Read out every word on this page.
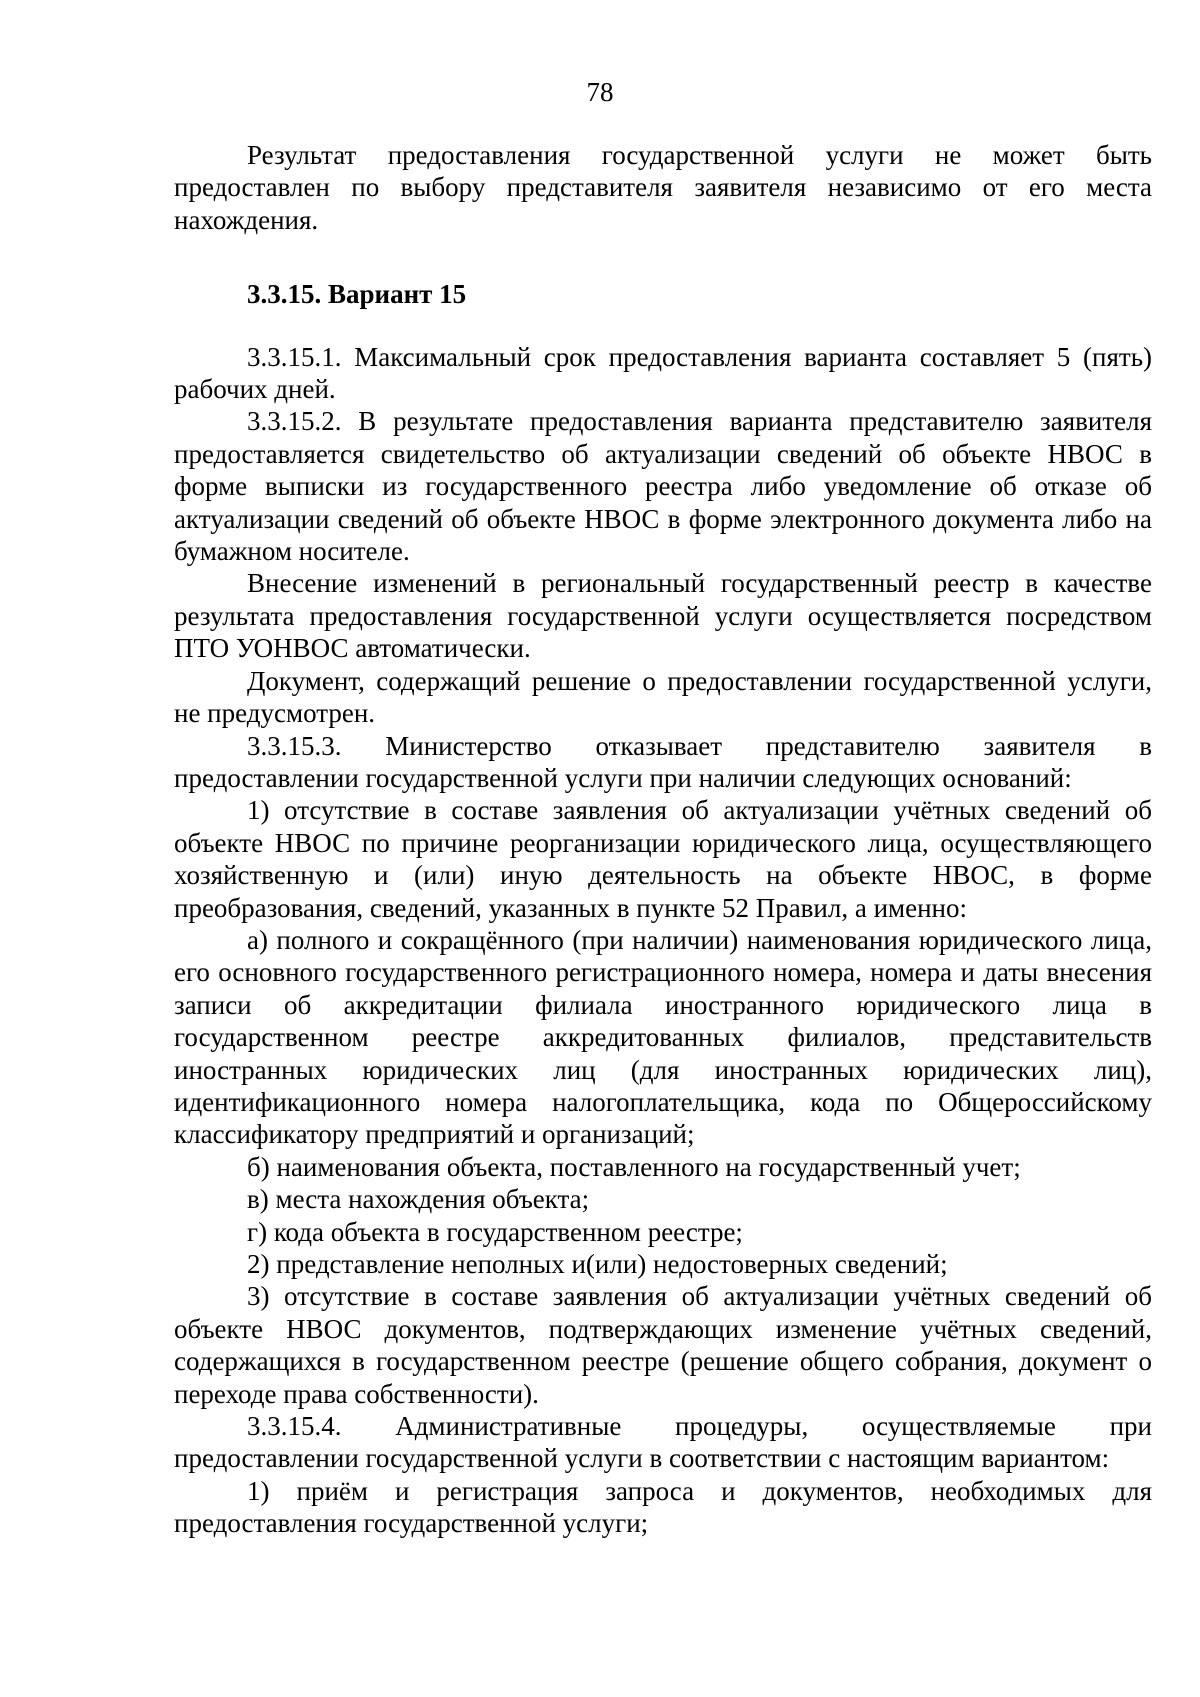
78

Результат предоставления государственной услуги не может быть предоставлен по выбору представителя заявителя независимо от его места нахождения.

3.3.15. Вариант 15

3.3.15.1. Максимальный срок предоставления варианта составляет 5 (пять) рабочих дней.

3.3.15.2. В результате предоставления варианта представителю заявителя предоставляется свидетельство об актуализации сведений об объекте НВОС в форме выписки из государственного реестра либо уведомление об отказе об актуализации сведений об объекте НВОС в форме электронного документа либо на бумажном носителе.

Внесение изменений в региональный государственный реестр в качестве результата предоставления государственной услуги осуществляется посредством ПТО УОНВОС автоматически.

Документ, содержащий решение о предоставлении государственной услуги, не предусмотрен.

3.3.15.3. Министерство отказывает представителю заявителя в предоставлении государственной услуги при наличии следующих оснований:

1) отсутствие в составе заявления об актуализации учётных сведений об объекте НВОС по причине реорганизации юридического лица, осуществляющего хозяйственную и (или) иную деятельность на объекте НВОС, в форме преобразования, сведений, указанных в пункте 52 Правил, а именно:

а) полного и сокращённого (при наличии) наименования юридического лица, его основного государственного регистрационного номера, номера и даты внесения записи об аккредитации филиала иностранного юридического лица в государственном реестре аккредитованных филиалов, представительств иностранных юридических лиц (для иностранных юридических лиц), идентификационного номера налогоплательщика, кода по Общероссийскому классификатору предприятий и организаций;

б) наименования объекта, поставленного на государственный учет;

в) места нахождения объекта;

г) кода объекта в государственном реестре;

2) представление неполных и(или) недостоверных сведений;

3) отсутствие в составе заявления об актуализации учётных сведений об объекте НВОС документов, подтверждающих изменение учётных сведений, содержащихся в государственном реестре (решение общего собрания, документ о переходе права собственности).

3.3.15.4. Административные процедуры, осуществляемые при предоставлении государственной услуги в соответствии с настоящим вариантом:

1) приём и регистрация запроса и документов, необходимых для предоставления государственной услуги;
